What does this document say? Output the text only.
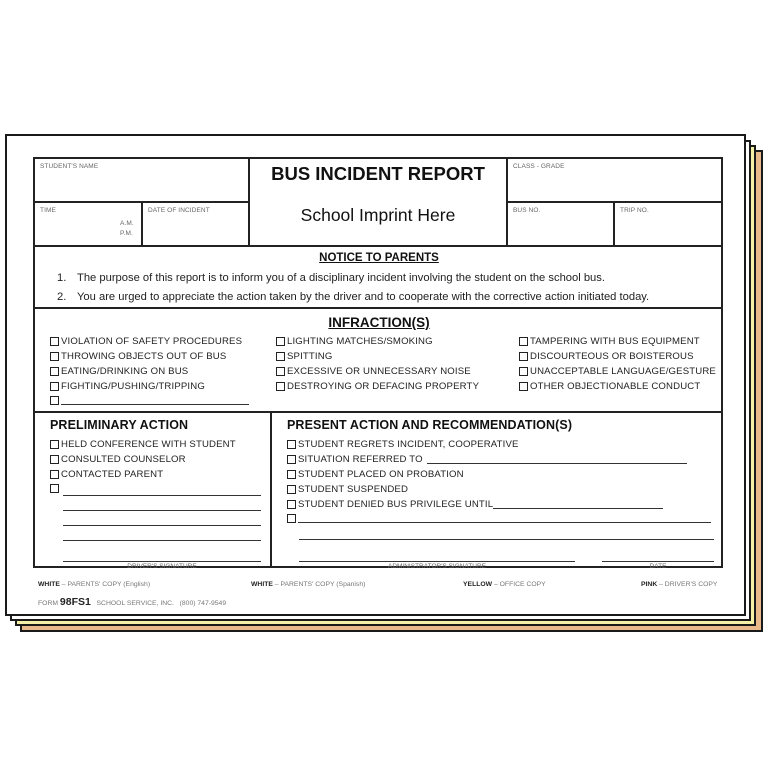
STUDENT'S NAME
TIME
A.M.
P.M.
DATE OF INCIDENT
BUS INCIDENT REPORT
School Imprint Here
CLASS - GRADE
BUS NO.	TRIP NO.
NOTICE TO PARENTS
1. The purpose of this report is to inform you of a disciplinary incident involving the student on the school bus.
2. You are urged to appreciate the action taken by the driver and to cooperate with the corrective action initiated today.
INFRACTION(S)
VIOLATION OF SAFETY PROCEDURES
THROWING OBJECTS OUT OF BUS
EATING/DRINKING ON BUS
FIGHTING/PUSHING/TRIPPING
LIGHTING MATCHES/SMOKING
SPITTING
EXCESSIVE OR UNNECESSARY NOISE
DESTROYING OR DEFACING PROPERTY
TAMPERING WITH BUS EQUIPMENT
DISCOURTEOUS OR BOISTEROUS
UNACCEPTABLE LANGUAGE/GESTURE
OTHER OBJECTIONABLE CONDUCT
PRELIMINARY ACTION
HELD CONFERENCE WITH STUDENT
CONSULTED COUNSELOR
CONTACTED PARENT
DRIVER'S SIGNATURE
PRESENT ACTION AND RECOMMENDATION(S)
STUDENT REGRETS INCIDENT, COOPERATIVE
SITUATION REFERRED TO
STUDENT PLACED ON PROBATION
STUDENT SUSPENDED
STUDENT DENIED BUS PRIVILEGE UNTIL
ADMINISTRATOR'S SIGNATURE	DATE
WHITE – PARENTS' COPY (English)	WHITE – PARENTS' COPY (Spanish)	YELLOW – OFFICE COPY	PINK – DRIVER'S COPY
FORM 98FS1 SCHOOL SERVICE, INC. (800) 747-9549
